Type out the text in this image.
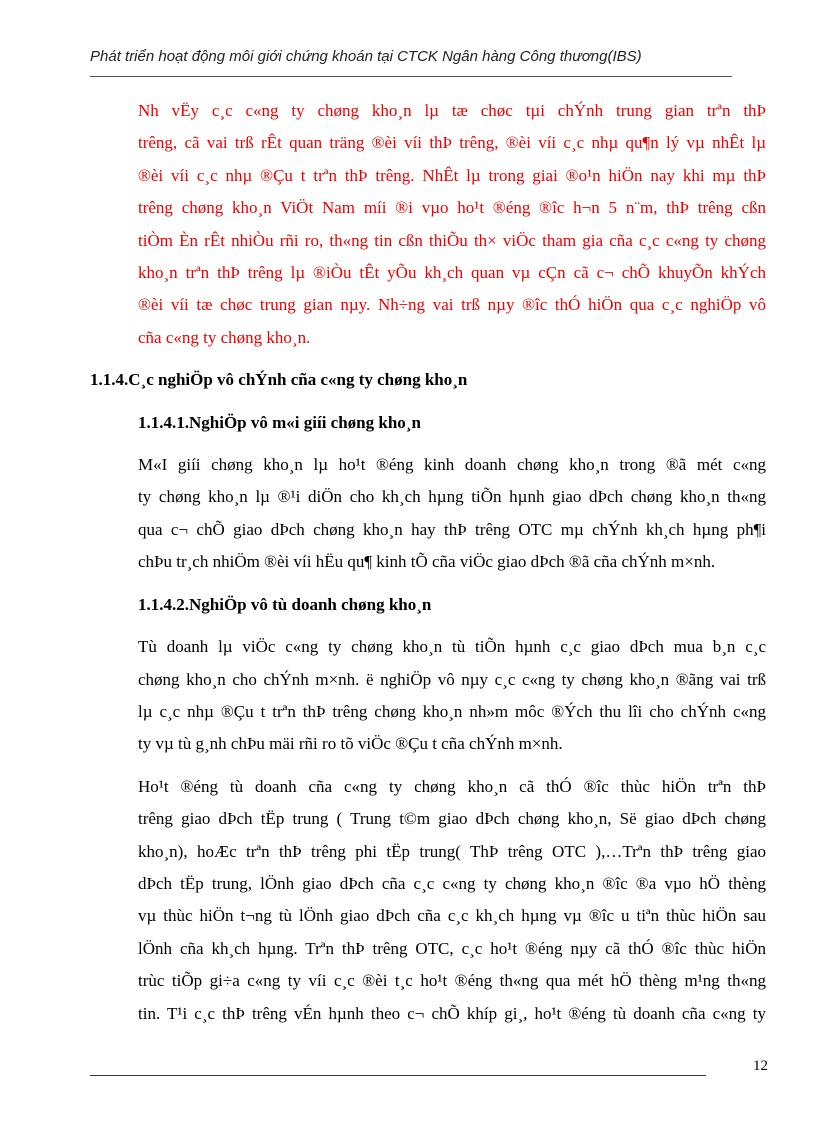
Phát triển hoạt động môi giới chứng khoán tại CTCK Ngân hàng Công thương(IBS)

Nh vËy c¸c c«ng ty chøng kho¸n lµ tæ chøc tµi chÝnh trung gian trªn thÞ
trêng, cã vai trß rÊt quan träng ®èi víi thÞ trêng, ®èi víi c¸c nhµ qu¶n lý vµ nhÊt lµ
®èi víi c¸c nhµ ®Çu t trªn thÞ trêng. NhÊt lµ trong giai ®o¹n hiÖn nay khi mµ thÞ
trêng chøng kho¸n ViÖt Nam míi ®i vµo ho¹t ®éng ®îc h¬n 5 n¨m, thÞ trêng cßn
tiÒm Èn rÊt nhiÒu rñi ro, th«ng tin cßn thiÕu th× viÖc tham gia cña c¸c c«ng ty chøng
kho¸n trªn thÞ trêng lµ ®iÒu tÊt yÕu kh¸ch quan vµ cÇn cã c¬ chÕ khuyÕn khÝch
®èi víi tæ chøc trung gian nµy. Nh÷ng vai trß nµy ®îc thÓ hiÖn qua c¸c nghiÖp vô
cña c«ng ty chøng kho¸n.

1.1.4.C¸c nghiÖp vô chÝnh cña c«ng ty chøng kho¸n

1.1.4.1.NghiÖp vô m«i giíi chøng kho¸n

M«I giíi chøng kho¸n lµ ho¹t ®éng kinh doanh chøng kho¸n trong ®ã mét c«ng
ty chøng kho¸n lµ ®¹i diÖn cho kh¸ch hµng tiÕn hµnh giao dÞch chøng kho¸n th«ng
qua c¬ chÕ giao dÞch chøng kho¸n hay thÞ trêng OTC mµ chÝnh kh¸ch hµng ph¶i
chÞu tr¸ch nhiÖm ®èi víi hËu qu¶ kinh tÕ cña viÖc giao dÞch ®ã cña chÝnh m×nh.

1.1.4.2.NghiÖp vô tù doanh chøng kho¸n

Tù doanh lµ viÖc c«ng ty chøng kho¸n tù tiÕn hµnh c¸c giao dÞch mua b¸n c¸c
chøng kho¸n cho chÝnh m×nh. ë nghiÖp vô nµy c¸c c«ng ty chøng kho¸n ®ãng vai trß
lµ c¸c nhµ ®Çu t trªn thÞ trêng chøng kho¸n nh»m môc ®Ých thu lîi cho chÝnh c«ng
ty vµ tù g¸nh chÞu mäi rñi ro tõ viÖc ®Çu t cña chÝnh m×nh.

Ho¹t ®éng tù doanh cña c«ng ty chøng kho¸n cã thÓ ®îc thùc hiÖn trªn thÞ
trêng giao dÞch tËp trung ( Trung t©m giao dÞch chøng kho¸n, Së giao dÞch chøng
kho¸n), hoÆc trªn thÞ trêng phi tËp trung( ThÞ trêng OTC ),…Trªn thÞ trêng giao
dÞch tËp trung, lÖnh giao dÞch cña c¸c c«ng ty chøng kho¸n ®îc ®a vµo hÖ thèng
vµ thùc hiÖn t¬ng tù lÖnh giao dÞch cña c¸c kh¸ch hµng vµ ®îc u tiªn thùc hiÖn sau
lÖnh cña kh¸ch hµng. Trªn thÞ trêng OTC, c¸c ho¹t ®éng nµy cã thÓ ®îc thùc hiÖn
trùc tiÕp gi÷a c«ng ty víi c¸c ®èi t¸c ho¹t ®éng th«ng qua mét hÖ thèng m¹ng th«ng
tin. T¹i c¸c thÞ trêng vÉn hµnh theo c¬ chÕ khíp gi¸, ho¹t ®éng tù doanh cña c«ng ty

12
